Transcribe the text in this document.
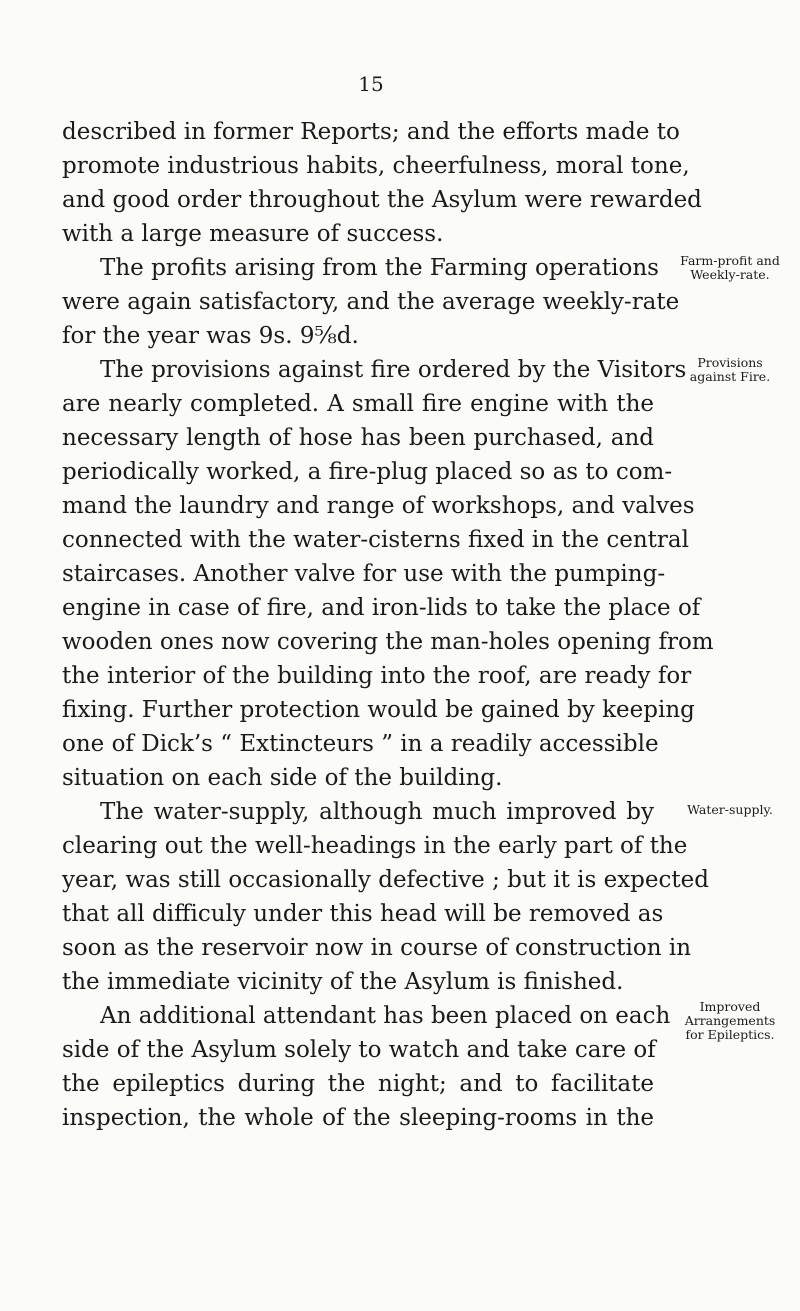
15
described in former Reports; and the efforts made to
promote industrious habits, cheerfulness, moral tone,
and good order throughout the Asylum were rewarded
with a large measure of success.
The profits arising from the Farming operations
were again satisfactory, and the average weekly-rate
for the year was 9s. 9⅝d.
The provisions against fire ordered by the Visitors
are nearly completed. A small fire engine with the
necessary length of hose has been purchased, and
periodically worked, a fire-plug placed so as to com-
mand the laundry and range of workshops, and valves
connected with the water-cisterns fixed in the central
staircases. Another valve for use with the pumping-
engine in case of fire, and iron-lids to take the place of
wooden ones now covering the man-holes opening from
the interior of the building into the roof, are ready for
fixing. Further protection would be gained by keeping
one of Dick’s “ Extincteurs ” in a readily accessible
situation on each side of the building.
The water-supply, although much improved by
clearing out the well-headings in the early part of the
year, was still occasionally defective ; but it is expected
that all difficuly under this head will be removed as
soon as the reservoir now in course of construction in
the immediate vicinity of the Asylum is finished.
An additional attendant has been placed on each
side of the Asylum solely to watch and take care of
the epileptics during the night; and to facilitate
inspection, the whole of the sleeping-rooms in the
Farm-profit and
Weekly-rate.
Provisions
against Fire.
Water-supply.
Improved
Arrangements
for Epileptics.
